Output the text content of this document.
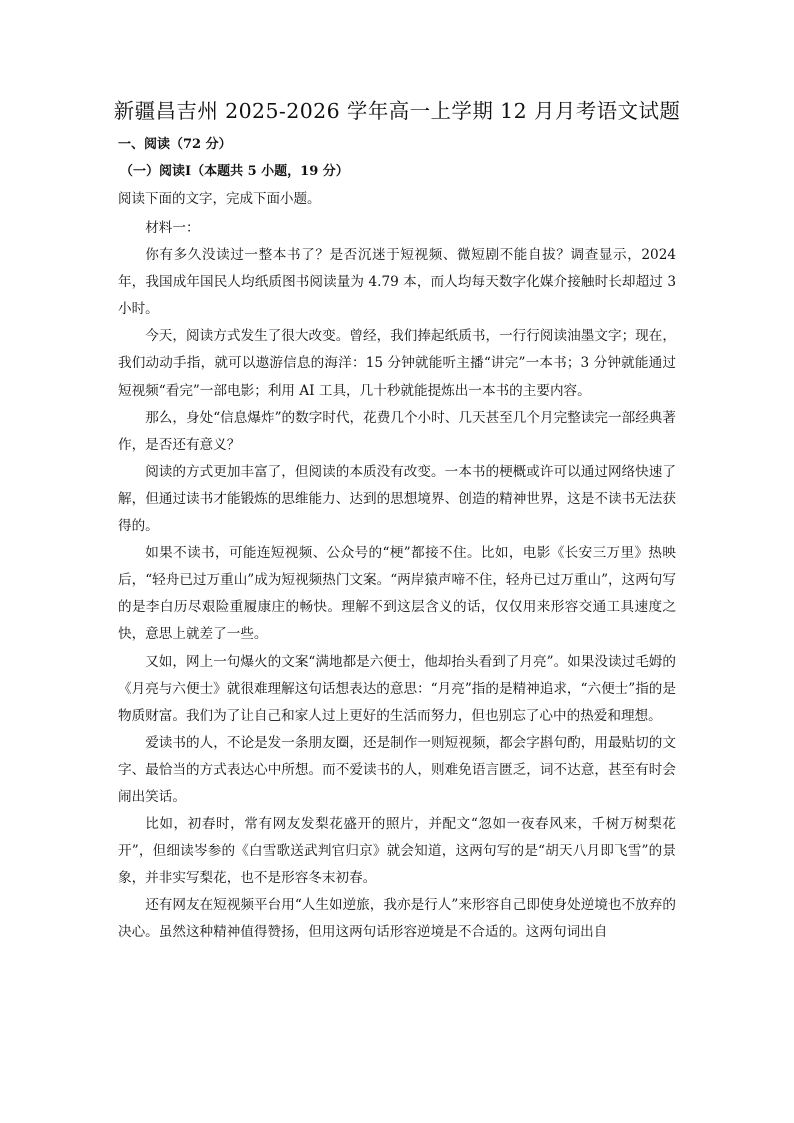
新疆昌吉州 2025-2026 学年高一上学期 12 月月考语文试题

一、阅读（72 分）

（一）阅读Ⅰ（本题共 5 小题，19 分）

阅读下面的文字，完成下面小题。

材料一：

你有多久没读过一整本书了？是否沉迷于短视频、微短剧不能自拔？调查显示，2024年，我国成年国民人均纸质图书阅读量为 4.79 本，而人均每天数字化媒介接触时长却超过 3 小时。

今天，阅读方式发生了很大改变。曾经，我们捧起纸质书，一行行阅读油墨文字；现在，我们动动手指，就可以遨游信息的海洋：15 分钟就能听主播“讲完”一本书；3 分钟就能通过短视频“看完”一部电影；利用 AI 工具，几十秒就能提炼出一本书的主要内容。

那么，身处“信息爆炸”的数字时代，花费几个小时、几天甚至几个月完整读完一部经典著作，是否还有意义？

阅读的方式更加丰富了，但阅读的本质没有改变。一本书的梗概或许可以通过网络快速了解，但通过读书才能锻炼的思维能力、达到的思想境界、创造的精神世界，这是不读书无法获得的。

如果不读书，可能连短视频、公众号的“梗”都接不住。比如，电影《长安三万里》热映后，“轻舟已过万重山”成为短视频热门文案。“两岸猿声啼不住，轻舟已过万重山”，这两句写的是李白历尽艰险重履康庄的畅快。理解不到这层含义的话，仅仅用来形容交通工具速度之快，意思上就差了一些。

又如，网上一句爆火的文案“满地都是六便士，他却抬头看到了月亮”。如果没读过毛姆的《月亮与六便士》就很难理解这句话想表达的意思：“月亮”指的是精神追求，“六便士”指的是物质财富。我们为了让自己和家人过上更好的生活而努力，但也别忘了心中的热爱和理想。

爱读书的人，不论是发一条朋友圈，还是制作一则短视频，都会字斟句酌，用最贴切的文字、最恰当的方式表达心中所想。而不爱读书的人，则难免语言匮乏，词不达意，甚至有时会闹出笑话。

比如，初春时，常有网友发梨花盛开的照片，并配文“忽如一夜春风来，千树万树梨花开”，但细读岑参的《白雪歌送武判官归京》就会知道，这两句写的是“胡天八月即飞雪”的景象，并非实写梨花，也不是形容冬末初春。

还有网友在短视频平台用“人生如逆旅，我亦是行人”来形容自己即使身处逆境也不放弃的决心。虽然这种精神值得赞扬，但用这两句话形容逆境是不合适的。这两句词出自
